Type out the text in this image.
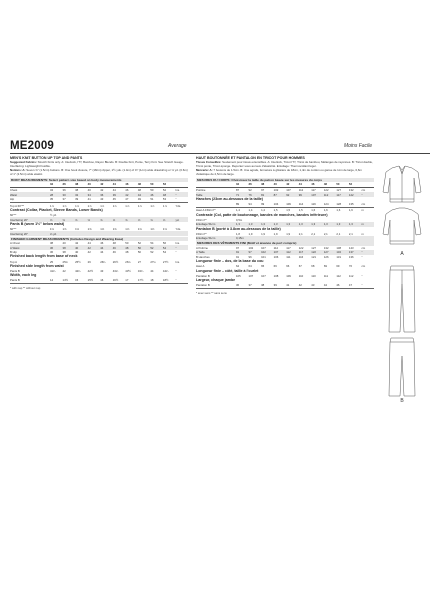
ME2009	Average	Moins Facile
MEN'S KNIT BUTTON UP TOP AND PANTS
Suggested Fabrics: Stretch Knits only. A: Interlock, ITY, Bamboo, Rayon Blends. B: Double Knit, Ponte, Terry Knit. See Stretch Gauge. Interfacing: Lightweight Fusible.
Notions: A: Seven ⅝" (1.5cm) buttons. B: One hook closure, 7" (18cm) zipper, 1½ yds. (1.4m) of ⅜" (1cm) wide drawstring or ⅝ yd. (0.6m) of 1" (2.5cm) wide elastic.
BODY MEASUREMENTS: Select pattern size based on body measurements
34	36	38	40	42	44	46	48	50	52
Chest	34	36	38	40	42	44	46	48	50	52	Ins.
Waist	28	30	32	34	36	39	42	44	46	48	"
Hip	35	37	39	41	43	45	47	49	51	53	"
Top A 60"**	1⅞	1⅞	1⅞	1⅞	1⅞	1⅞	1⅞	1⅞	1⅞	1⅞	Yds.
Contrast (Collar, Placket, Sleeve Bands, Lower Bands)
60"**	½ yd.
Interfacing 20"	⅝	⅝	⅝	⅝	⅝	⅝	⅝	⅝	⅝	⅝	yd.
Pants B (worn 1½" below waist)
60"**	1⅝	1⅝	1⅝	1⅝	1⅝	1⅝	1⅝	1⅝	1⅝	1⅝	Yds.
Interfacing 20"	⅛ yd.
FINISHED GARMENT MEASUREMENTS (Includes Design and Wearing Ease)
A Chest	38	40	42	44	46	48	50	52	54	56	Ins.
A Waist	36	38	40	42	44	46	48	50	52	54	"
B Hip	36	38	40	42	44	46	48	50	52	54	"
Finished back length from base of neck
Top A	25	25¼	25½	26	26¼	26½	26¾	27	27¼	27½	Ins.
Finished side length from waist
Pants B	41¼	42	42¼	42½	43	43¼	43½	43¾	44	44¼	"
Width, each leg
Pants B	14	14½	15	15½	16	16½	17	17½	18	18½	"
* with nap ** without nap
HAUT BOUTONNÉE ET PANTALON EN TRICOT POUR HOMMES
Tissus Conseillés: Seulement pour tissus extensibles. A: Interlock, Tricot ITY, Tricot de bambou, Mélanges de rayonnes. B: Tricot double, Tricot ponte, Tricot éponge. Reportez-vous au taux d'élasticité. Entoilage: Thermocollant léger.
Mercerie: A: 7 boutons de 1.5cm. B: Une agrafe, fermeture à glissière de 18cm, 1,4m de cordon ou ganse de 1cm de large, 0,6m d'élastique de 2,5cm de large.
MESURES DU CORPS: Choisissez la taille du patron basée sur les mesures du corps
34	36	38	40	42	44	46	48	50	52
Poitrine	87	92	97	102	107	112	117	122	127	132	cm
Taille	71	76	81	87	92	99	107	112	117	122	"
Hanches (23cm au-dessous de la taille)
89	94	99	104	109	114	119	124	128	135	cm
Haut A 150cm**	1,4	1,4	1,4	1,5	1,5	1,5	1,6	1,6	1,6	1,6	m
Contraste (Col, patte de boutonnage, bandes de manches, bandes inférieure)
150cm**	0,5m
Entoilage 51cm	1,3	1,3	1,3	1,3	1,3	1,3	1,3	1,3	1,3	1,3	m
Pantalon B (porté à 3.8cm au-dessous de la taille)
150cm**	1,8	1,9	1,9	1,9	1,9	2,1	2,1	2,1	2,1	2,1	m
Entoilage 51cm	0,15m
MESURES DES VÊTEMENTS FINI (Motif et aisance de port compris)
A Poitrine	97	102	107	112	117	122	127	132	138	143	cm
A Taille	91	97	102	107	112	117	122	127	132	137	"
B Hanches	91	96	101	106	111	116	121	126	131	136	"
Longueur finie – dos, de la base du cou
Haut A	64	64	65	66	66	67	68	69	69	70	cm
Longueur finie – côté, taille à l'ourlet
Pantalon B	105	107	107	108	109	110	110	111	112	112	"
Largeur, chaque jambe
Pantalon B	36	37	38	39	41	42	43	44	46	47	"
* avec sens ** sans sens
A
B
